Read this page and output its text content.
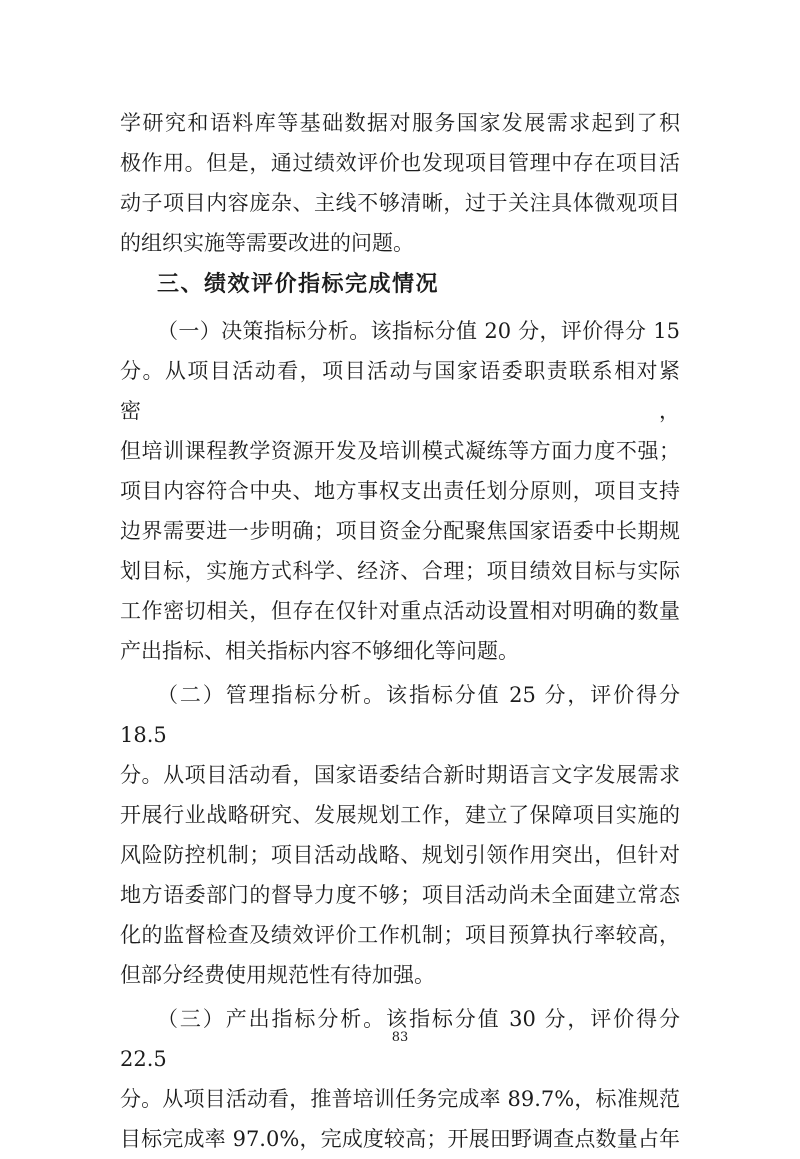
学研究和语料库等基础数据对服务国家发展需求起到了积
极作用。但是，通过绩效评价也发现项目管理中存在项目活
动子项目内容庞杂、主线不够清晰，过于关注具体微观项目
的组织实施等需要改进的问题。
三、绩效评价指标完成情况
（一）决策指标分析。该指标分值 20 分，评价得分 15
分。从项目活动看，项目活动与国家语委职责联系相对紧密，
但培训课程教学资源开发及培训模式凝练等方面力度不强；
项目内容符合中央、地方事权支出责任划分原则，项目支持
边界需要进一步明确；项目资金分配聚焦国家语委中长期规
划目标，实施方式科学、经济、合理；项目绩效目标与实际
工作密切相关，但存在仅针对重点活动设置相对明确的数量
产出指标、相关指标内容不够细化等问题。
（二）管理指标分析。该指标分值 25 分，评价得分 18.5
分。从项目活动看，国家语委结合新时期语言文字发展需求
开展行业战略研究、发展规划工作，建立了保障项目实施的
风险防控机制；项目活动战略、规划引领作用突出，但针对
地方语委部门的督导力度不够；项目活动尚未全面建立常态
化的监督检查及绩效评价工作机制；项目预算执行率较高，
但部分经费使用规范性有待加强。
（三）产出指标分析。该指标分值 30 分，评价得分 22.5
分。从项目活动看，推普培训任务完成率 89.7%，标准规范
目标完成率 97.0%，完成度较高；开展田野调查点数量占年
83
